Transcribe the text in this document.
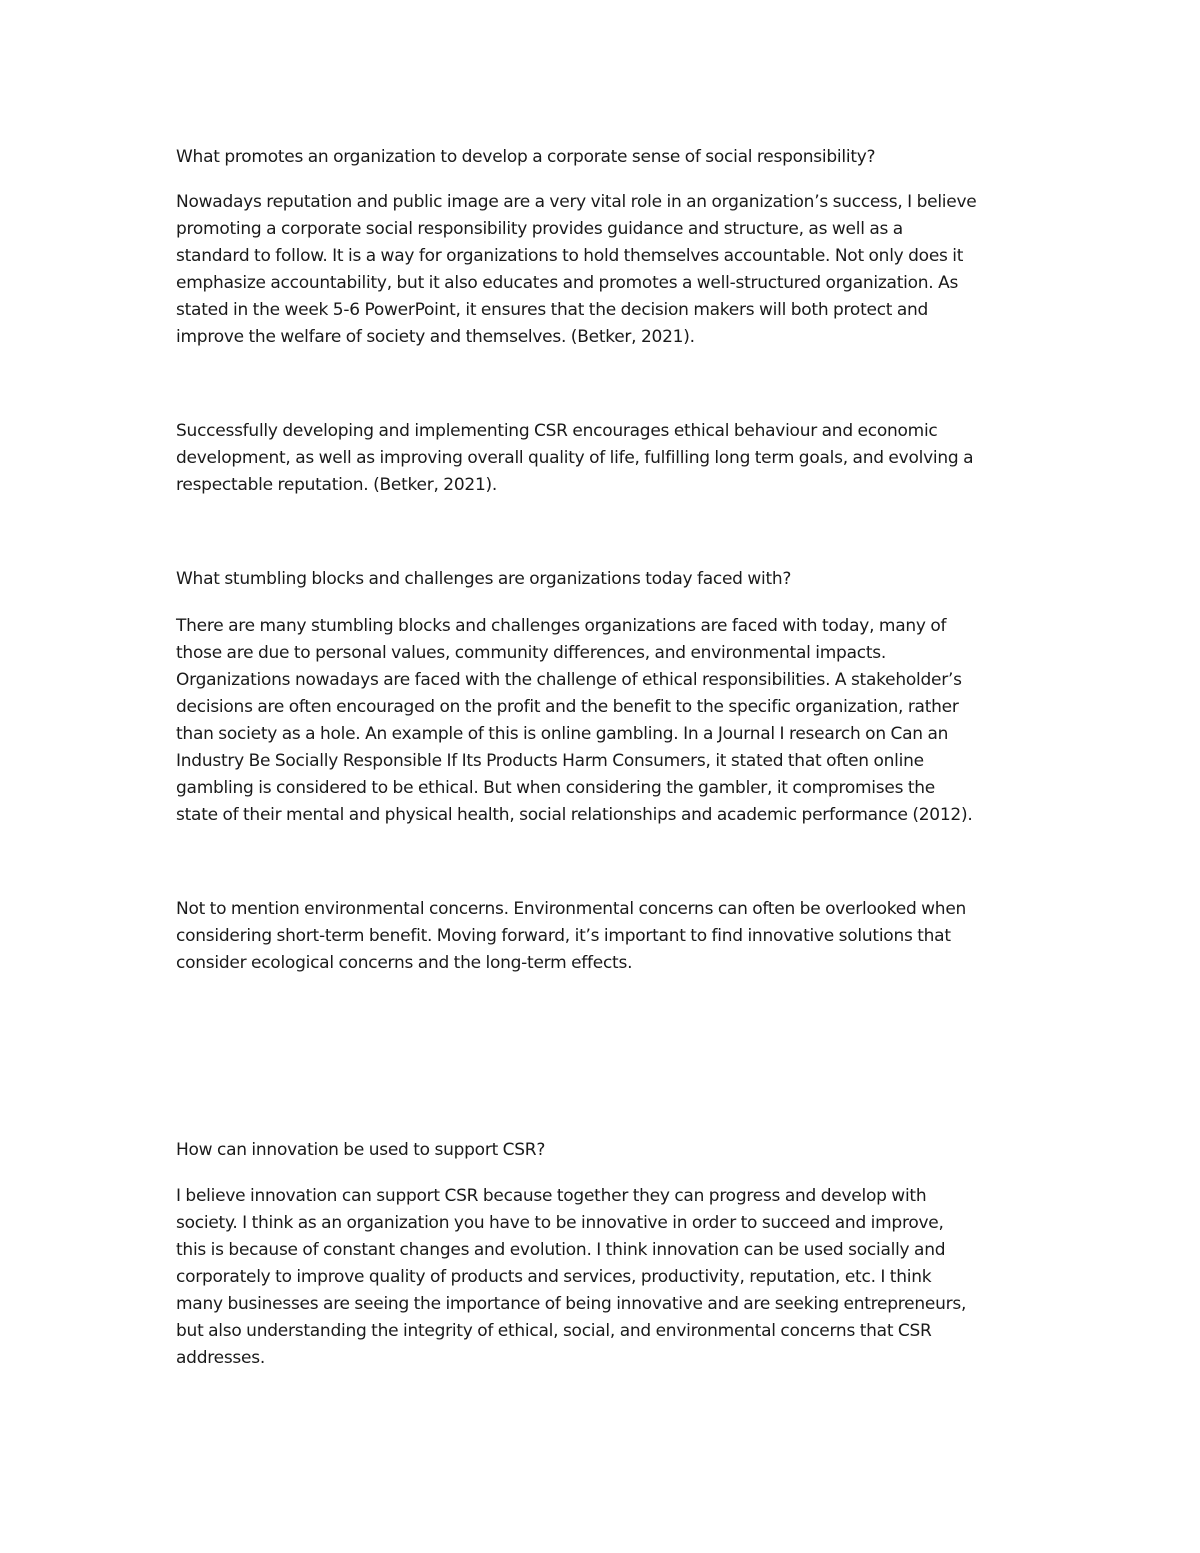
What promotes an organization to develop a corporate sense of social responsibility?

Nowadays reputation and public image are a very vital role in an organization’s success, I believe
promoting a corporate social responsibility provides guidance and structure, as well as a
standard to follow. It is a way for organizations to hold themselves accountable. Not only does it
emphasize accountability, but it also educates and promotes a well-structured organization. As
stated in the week 5-6 PowerPoint, it ensures that the decision makers will both protect and
improve the welfare of society and themselves. (Betker, 2021).

Successfully developing and implementing CSR encourages ethical behaviour and economic
development, as well as improving overall quality of life, fulfilling long term goals, and evolving a
respectable reputation. (Betker, 2021).

What stumbling blocks and challenges are organizations today faced with?

There are many stumbling blocks and challenges organizations are faced with today, many of
those are due to personal values, community differences, and environmental impacts.
Organizations nowadays are faced with the challenge of ethical responsibilities. A stakeholder’s
decisions are often encouraged on the profit and the benefit to the specific organization, rather
than society as a hole. An example of this is online gambling. In a Journal I research on Can an
Industry Be Socially Responsible If Its Products Harm Consumers, it stated that often online
gambling is considered to be ethical. But when considering the gambler, it compromises the
state of their mental and physical health, social relationships and academic performance (2012).

Not to mention environmental concerns. Environmental concerns can often be overlooked when
considering short-term benefit. Moving forward, it’s important to find innovative solutions that
consider ecological concerns and the long-term effects.

How can innovation be used to support CSR?

I believe innovation can support CSR because together they can progress and develop with
society. I think as an organization you have to be innovative in order to succeed and improve,
this is because of constant changes and evolution. I think innovation can be used socially and
corporately to improve quality of products and services, productivity, reputation, etc. I think
many businesses are seeing the importance of being innovative and are seeking entrepreneurs,
but also understanding the integrity of ethical, social, and environmental concerns that CSR
addresses.
